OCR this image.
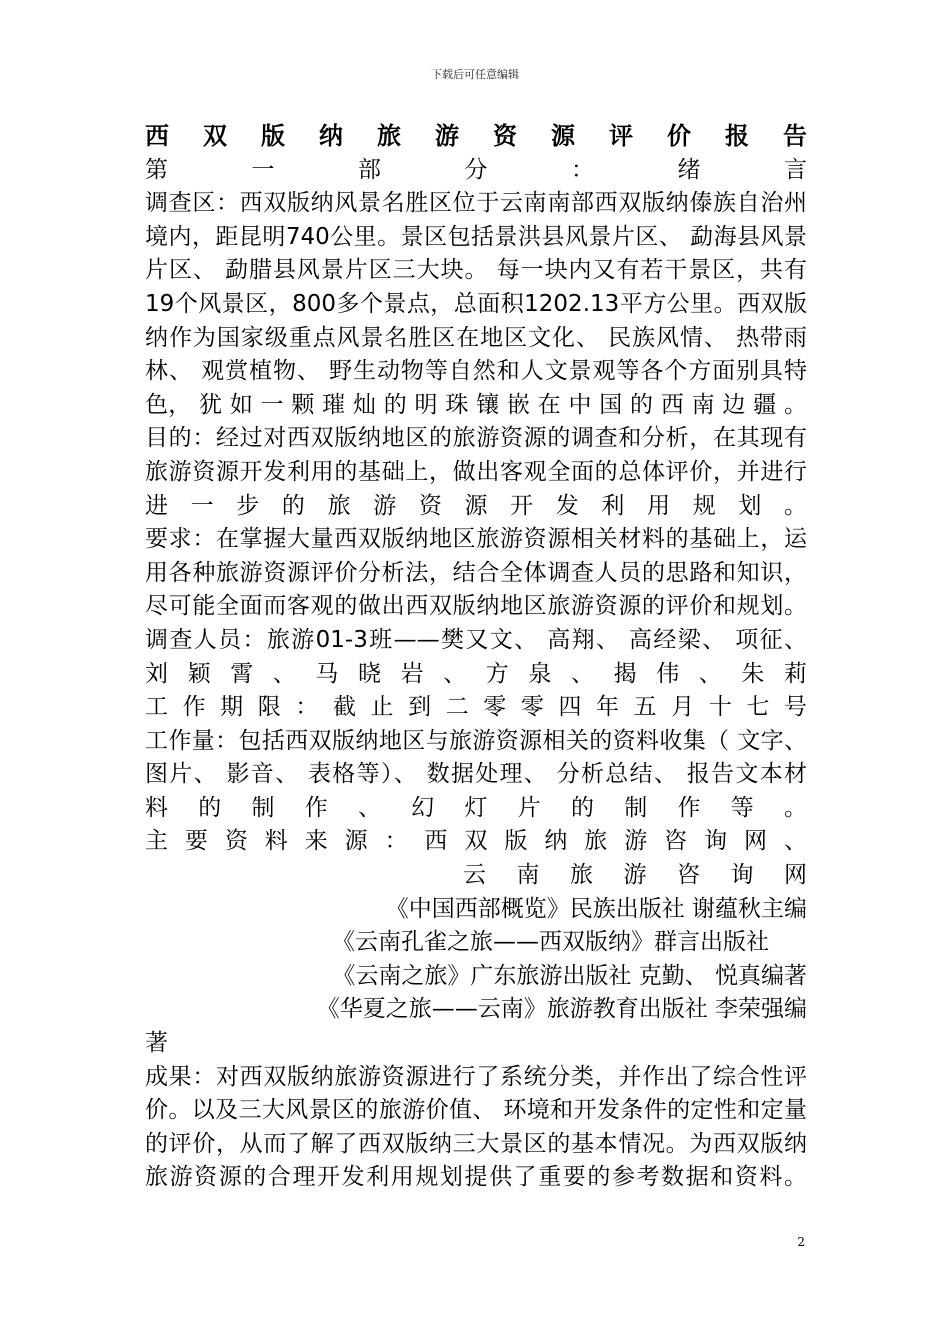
下载后可任意编辑
西 双 版 纳 旅 游 资 源 评 价 报 告
第 一 部 分 ： 绪 言
调查区：西双版纳风景名胜区位于云南南部西双版纳傣族自治州
境内，距昆明740公里。景区包括景洪县风景片区、 勐海县风景
片区、 勐腊县风景片区三大块。 每一块内又有若干景区，共有
19个风景区，800多个景点，总面积1202.13平方公里。西双版
纳作为国家级重点风景名胜区在地区文化、 民族风情、 热带雨
林、 观赏植物、 野生动物等自然和人文景观等各个方面别具特
色， 犹 如 一 颗 璀 灿 的 明 珠 镶 嵌 在 中 国 的 西 南 边 疆 。
目的：经过对西双版纳地区的旅游资源的调查和分析，在其现有
旅游资源开发利用的基础上，做出客观全面的总体评价，并进行
进 一 步 的 旅 游 资 源 开 发 利 用 规 划 。
要求：在掌握大量西双版纳地区旅游资源相关材料的基础上，运
用各种旅游资源评价分析法，结合全体调查人员的思路和知识，
尽可能全面而客观的做出西双版纳地区旅游资源的评价和规划。
调查人员：旅游01-3班——樊又文、 高翔、 高经梁、 项征、
刘 颖 霄 、 马 晓 岩 、 方 泉 、 揭 伟 、 朱 莉
工 作 期 限 ： 截 止 到 二 零 零 四 年 五 月 十 七 号
工作量：包括西双版纳地区与旅游资源相关的资料收集（ 文字、
图片、 影音、 表格等）、 数据处理、 分析总结、 报告文本材
料 的 制 作 、 幻 灯 片 的 制 作 等 。
主 要 资 料 来 源 ： 西 双 版 纳 旅 游 咨 询 网 、
云 南 旅 游 咨 询 网
《中国西部概览》民族出版社 谢蕴秋主编
《云南孔雀之旅——西双版纳》群言出版社
《云南之旅》广东旅游出版社 克勤、 悦真编著
《华夏之旅——云南》旅游教育出版社 李荣强编
著
成果：对西双版纳旅游资源进行了系统分类，并作出了综合性评
价。以及三大风景区的旅游价值、 环境和开发条件的定性和定量
的评价，从而了解了西双版纳三大景区的基本情况。为西双版纳
旅游资源的合理开发利用规划提供了重要的参考数据和资料。
2
